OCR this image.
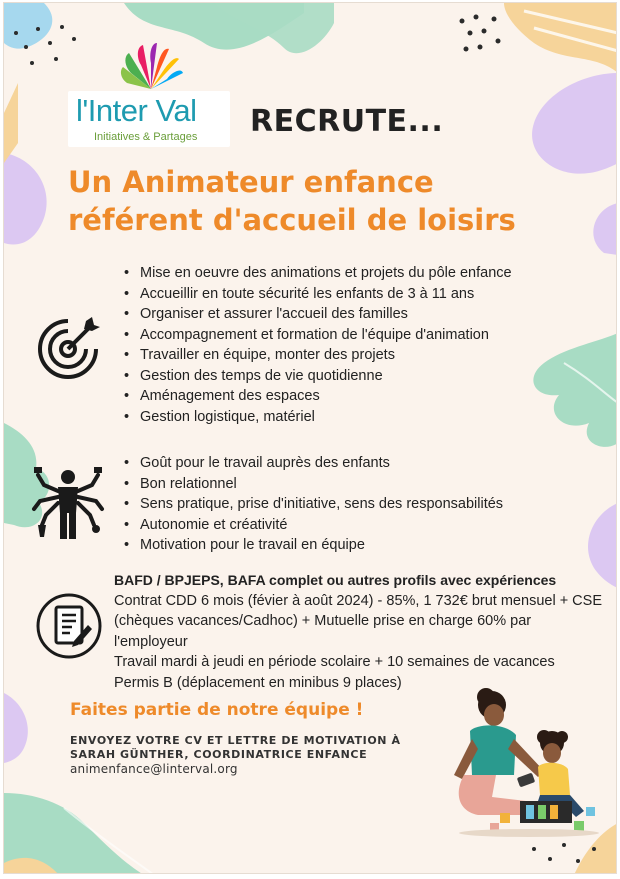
l'Inter Val
Initiatives & Partages RECRUTE...
Un Animateur enfance
référent d'accueil de loisirs
• Mise en oeuvre des animations et projets du pôle enfance
• Accueillir en toute sécurité les enfants de 3 à 11 ans
• Organiser et assurer l'accueil des familles
• Accompagnement et formation de l'équipe d'animation
• Travailler en équipe, monter des projets
• Gestion des temps de vie quotidienne
• Aménagement des espaces
• Gestion logistique, matériel
• Goût pour le travail auprès des enfants
• Bon relationnel
• Sens pratique, prise d'initiative, sens des responsabilités
• Autonomie et créativité
• Motivation pour le travail en équipe

BAFD / BPJEPS, BAFA complet ou autres profils avec expériences

Contrat CDD 6 mois (févier à août 2024) - 85%, 1 732€ brut mensuel + CSE (chèques vacances/Cadhoc) + Mutuelle prise en charge 60% par l'employeur

Travail mardi à jeudi en période scolaire + 10 semaines de vacances

Permis B (déplacement en minibus 9 places)

Faites partie de notre équipe !
ENVOYEZ VOTRE CV ET LETTRE DE MOTIVATION À
SARAH GÜNTHER, COORDINATRICE ENFANCE
animenfance@linterval.org
